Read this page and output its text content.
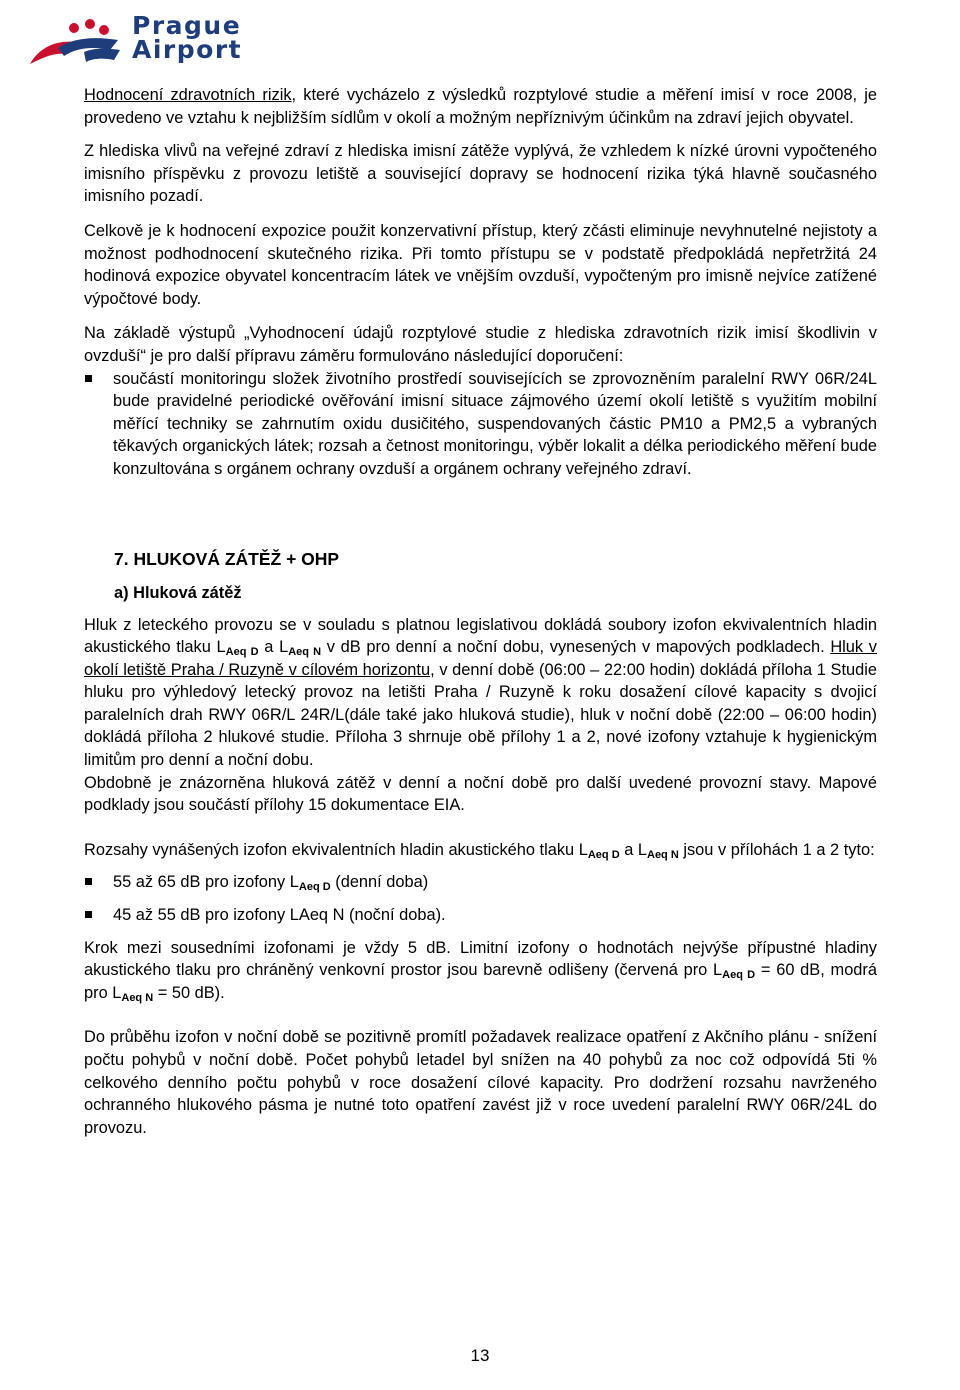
Prague
Airport

Hodnocení zdravotních rizik, které vycházelo z výsledků rozptylové studie a měření imisí v roce 2008, je provedeno ve vztahu k nejbližším sídlům v okolí a možným nepříznivým účinkům na zdraví jejich obyvatel.

Z hlediska vlivů na veřejné zdraví z hlediska imisní zátěže vyplývá, že vzhledem k nízké úrovni vypočteného imisního příspěvku z provozu letiště a související dopravy se hodnocení rizika týká hlavně současného imisního pozadí.

Celkově je k hodnocení expozice použit konzervativní přístup, který zčásti eliminuje nevyhnutelné nejistoty a možnost podhodnocení skutečného rizika. Při tomto přístupu se v podstatě předpokládá nepřetržitá 24 hodinová expozice obyvatel koncentracím látek ve vnějším ovzduší, vypočteným pro imisně nejvíce zatížené výpočtové body.

Na základě výstupů „Vyhodnocení údajů rozptylové studie z hlediska zdravotních rizik imisí škodlivin v ovzduší“ je pro další přípravu záměru formulováno následující doporučení:

součástí monitoringu složek životního prostředí souvisejících se zprovozněním paralelní RWY 06R/24L bude pravidelné periodické ověřování imisní situace zájmového území okolí letiště s využitím mobilní měřící techniky se zahrnutím oxidu dusičitého, suspendovaných částic PM10 a PM2,5 a vybraných těkavých organických látek; rozsah a četnost monitoringu, výběr lokalit a délka periodického měření bude konzultována s orgánem ochrany ovzduší a orgánem ochrany veřejného zdraví.
7. HLUKOVÁ ZÁTĚŽ + OHP
a) Hluková zátěž

Hluk z leteckého provozu se v souladu s platnou legislativou dokládá soubory izofon ekvivalentních hladin akustického tlaku $L_{Aeq D}$ a $L_{Aeq N}$ v dB pro denní a noční dobu, vynesených v mapových podkladech. Hluk v okolí letiště Praha / Ruzyně v cílovém horizontu, v denní době (06:00 – 22:00 hodin) dokládá příloha 1 Studie hluku pro výhledový letecký provoz na letišti Praha / Ruzyně k roku dosažení cílové kapacity s dvojicí paralelních drah RWY 06R/L 24R/L(dále také jako hluková studie), hluk v noční době (22:00 – 06:00 hodin) dokládá příloha 2 hlukové studie. Příloha 3 shrnuje obě přílohy 1 a 2, nové izofony vztahuje k hygienickým limitům pro denní a noční dobu.

Obdobně je znázorněna hluková zátěž v denní a noční době pro další uvedené provozní stavy. Mapové podklady jsou součástí přílohy 15 dokumentace EIA.

Rozsahy vynášených izofon ekvivalentních hladin akustického tlaku $L_{Aeq D}$ a $L_{Aeq N}$ jsou v přílohách 1 a 2 tyto:

55 až 65 dB pro izofony $L_{Aeq D}$ (denní doba)
45 až 55 dB pro izofony LAeq N (noční doba).

Krok mezi sousedními izofonami je vždy 5 dB. Limitní izofony o hodnotách nejvýše přípustné hladiny akustického tlaku pro chráněný venkovní prostor jsou barevně odlišeny (červená pro $L_{Aeq D} = 60$ dB, modrá pro $L_{Aeq N} = 50$ dB).

Do průběhu izofon v noční době se pozitivně promítl požadavek realizace opatření z Akčního plánu - snížení počtu pohybů v noční době. Počet pohybů letadel byl snížen na 40 pohybů za noc což odpovídá 5ti % celkového denního počtu pohybů v roce dosažení cílové kapacity. Pro dodržení rozsahu navrženého ochranného hlukového pásma je nutné toto opatření zavést již v roce uvedení paralelní RWY 06R/24L do provozu.

13
